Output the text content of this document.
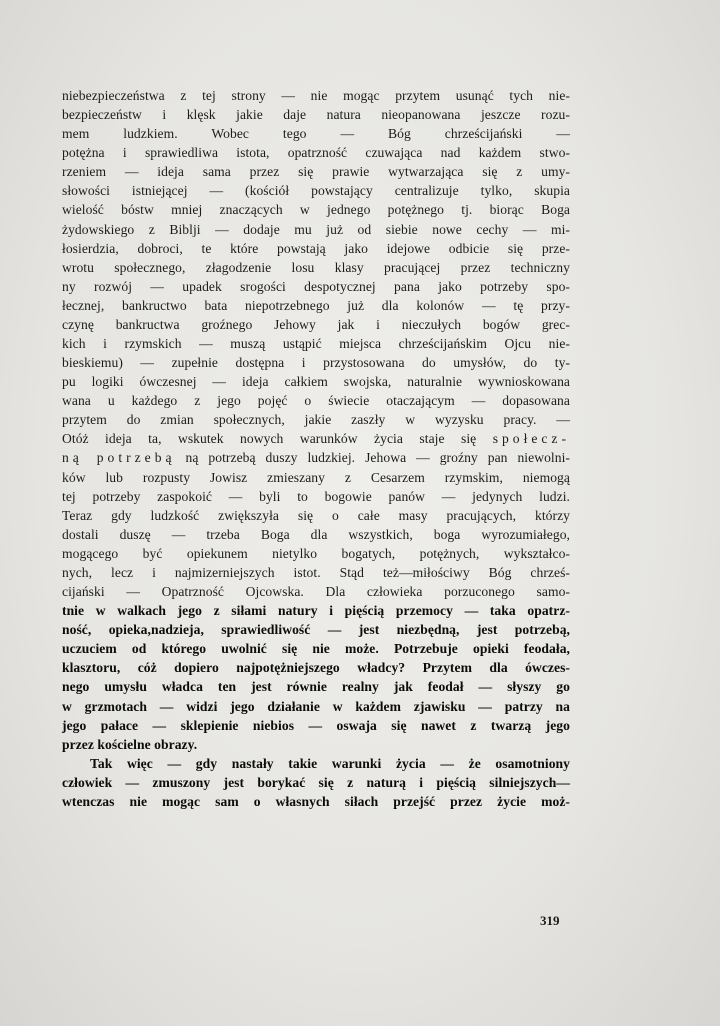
niebezpieczeństwa z tej strony — nie mogąc przytem usunąć tych nie-
bezpieczeństw i klęsk jakie daje natura nieopanowana jeszcze rozu-
mem ludzkiem. Wobec tego — Bóg chrześcijański —
potężna i sprawiedliwa istota, opatrzność czuwająca nad każdem stwo-
rzeniem — ideja sama przez się prawie wytwarzająca się z umy-
słowości istniejącej — (kościół powstający centralizuje tylko, skupia
wielość bóstw mniej znaczących w jednego potężnego tj. biorąc Boga
żydowskiego z Biblji — dodaje mu już od siebie nowe cechy — mi-
łosierdzia, dobroci, te które powstają jako idejowe odbicie się prze-
wrotu społecznego, złagodzenie losu klasy pracującej przez techniczny
ny rozwój — upadek srogości despotycznej pana jako potrzeby spo-
łecznej, bankructwo bata niepotrzebnego już dla kolonów — tę przy-
czynę bankructwa groźnego Jehowy jak i nieczułych bogów grec-
kich i rzymskich — muszą ustąpić miejsca chrześcijańskim Ojcu nie-
bieskiemu) — zupełnie dostępna i przystosowana do umysłów, do ty-
pu logiki ówczesnej — ideja całkiem swojska, naturalnie wywnioskowana
wana u każdego z jego pojęć o świecie otaczającym — dopasowana
przytem do zmian społecznych, jakie zaszły w wyzysku pracy. —
Otóż ideja ta, wskutek nowych warunków życia staje się społecz-
ną potrzebą ną potrzebą duszy ludzkiej. Jehowa — groźny pan niewolni-
ków lub rozpusty Jowisz zmieszany z Cesarzem rzymskim, niemogą
tej potrzeby zaspokoić — byli to bogowie panów — jedynych ludzi.
Teraz gdy ludzkość zwiększyła się o całe masy pracujących, którzy
dostali duszę — trzeba Boga dla wszystkich, boga wyrozumiałego,
mogącego być opiekunem nietylko bogatych, potężnych, wykształco-
nych, lecz i najmizerniejszych istot. Stąd też—miłościwy Bóg chrześ-
cijański — Opatrzność Ojcowska. Dla człowieka porzuconego samo-
tnie w walkach jego z siłami natury i pięścią przemocy — taka opatrz-
ność, opieka,nadzieja, sprawiedliwość — jest niezbędną, jest potrzebą,
uczuciem od którego uwolnić się nie może. Potrzebuje opieki feodała,
klasztoru, cóż dopiero najpotężniejszego władcy? Przytem dla ówczes-
nego umysłu władca ten jest równie realny jak feodał — słyszy go
w grzmotach — widzi jego działanie w każdem zjawisku — patrzy na
jego pałace — sklepienie niebios — oswaja się nawet z twarzą jego
przez kościelne obrazy.
Tak więc — gdy nastały takie warunki życia — że osamotniony
człowiek — zmuszony jest borykać się z naturą i pięścią silniejszych—
wtenczas nie mogąc sam o własnych siłach przejść przez życie moż-
319
